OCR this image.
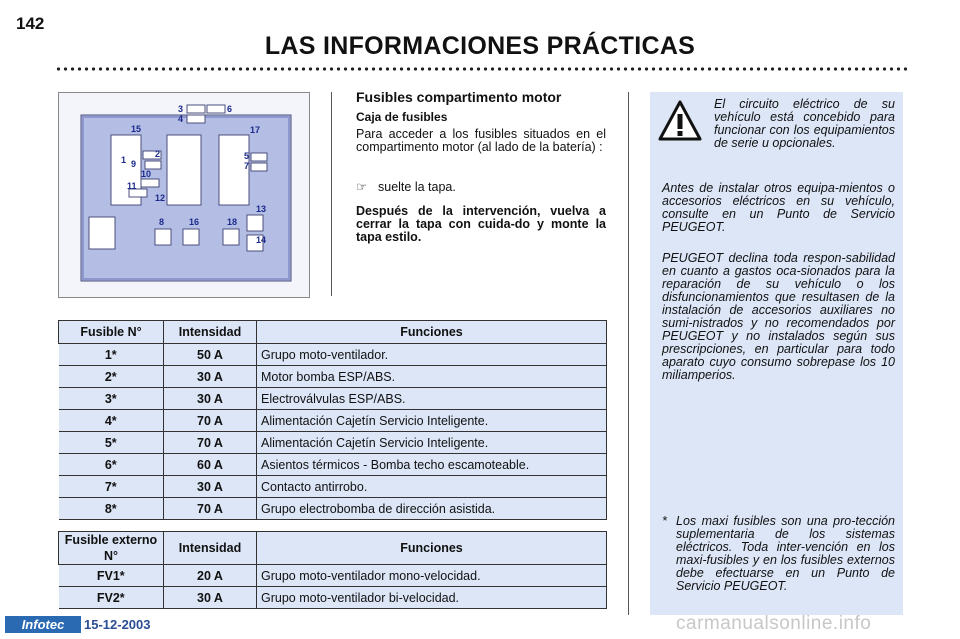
142
LAS INFORMACIONES PRÁCTICAS
3	6
4
15	17
2	5
1 9	7
10
11
12
8	16	18
13
14
Fusibles compartimento motor
Caja de fusibles
Para acceder a los fusibles situados en el compartimento motor (al lado de la batería) :
☞ suelte la tapa.
Después de la intervención, vuelva a cerrar la tapa con cuida-do y monte la tapa estilo.
Fusible N°	Intensidad	Funciones
1*	50 A	Grupo moto-ventilador.
2*	30 A	Motor bomba ESP/ABS.
3*	30 A	Electroválvulas ESP/ABS.
4*	70 A	Alimentación Cajetín Servicio Inteligente.
5*	70 A	Alimentación Cajetín Servicio Inteligente.
6*	60 A	Asientos térmicos - Bomba techo escamoteable.
7*	30 A	Contacto antirrobo.
8*	70 A	Grupo electrobomba de dirección asistida.
Fusible externo N°	Intensidad	Funciones
FV1*	20 A	Grupo moto-ventilador mono-velocidad.
FV2*	30 A	Grupo moto-ventilador bi-velocidad.
El circuito eléctrico de su vehículo está concebido para funcionar con los equipamientos de serie u opcionales.
Antes de instalar otros equipa-mientos o accesorios eléctricos en su vehículo, consulte en un Punto de Servicio PEUGEOT.
PEUGEOT declina toda respon-sabilidad en cuanto a gastos oca-sionados para la reparación de su vehículo o los disfuncionamientos que resultasen de la instalación de accesorios auxiliares no sumi-nistrados y no recomendados por PEUGEOT y no instalados según sus prescripciones, en particular para todo aparato cuyo consumo sobrepase los 10 miliamperios.
* Los maxi fusibles son una pro-tección suplementaria de los sistemas eléctricos. Toda inter-vención en los maxi-fusibles y en los fusibles externos debe efectuarse en un Punto de Servicio PEUGEOT.
Infotec	15-12-2003	carmanualsonline.info
